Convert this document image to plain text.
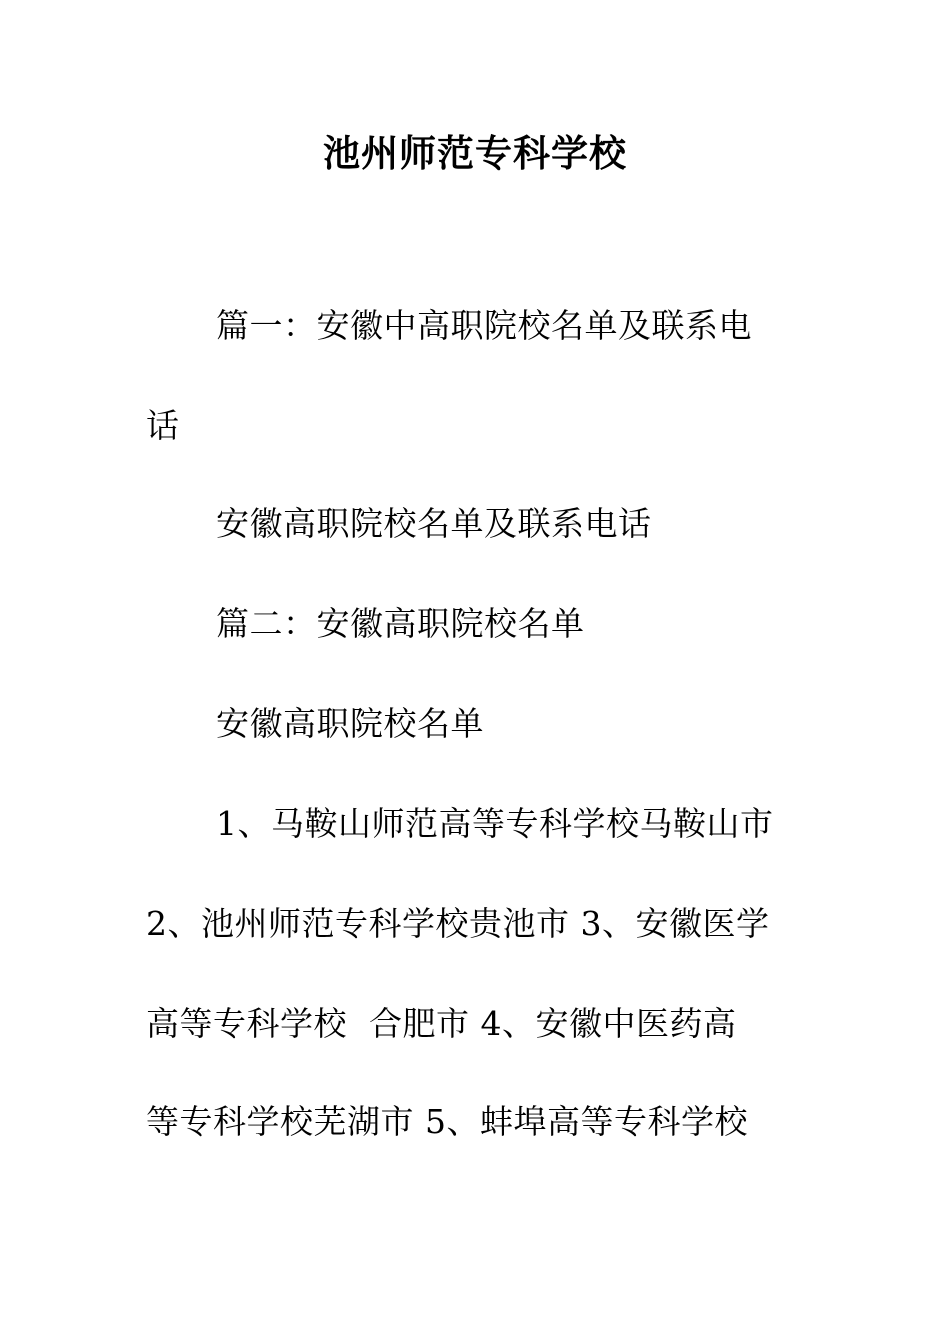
池州师范专科学校
篇一：安徽中高职院校名单及联系电
话
安徽高职院校名单及联系电话
篇二：安徽高职院校名单
安徽高职院校名单
1、马鞍山师范高等专科学校马鞍山市
2、池州师范专科学校贵池市 3、安徽医学
高等专科学校  合肥市 4、安徽中医药高
等专科学校芜湖市 5、蚌埠高等专科学校
